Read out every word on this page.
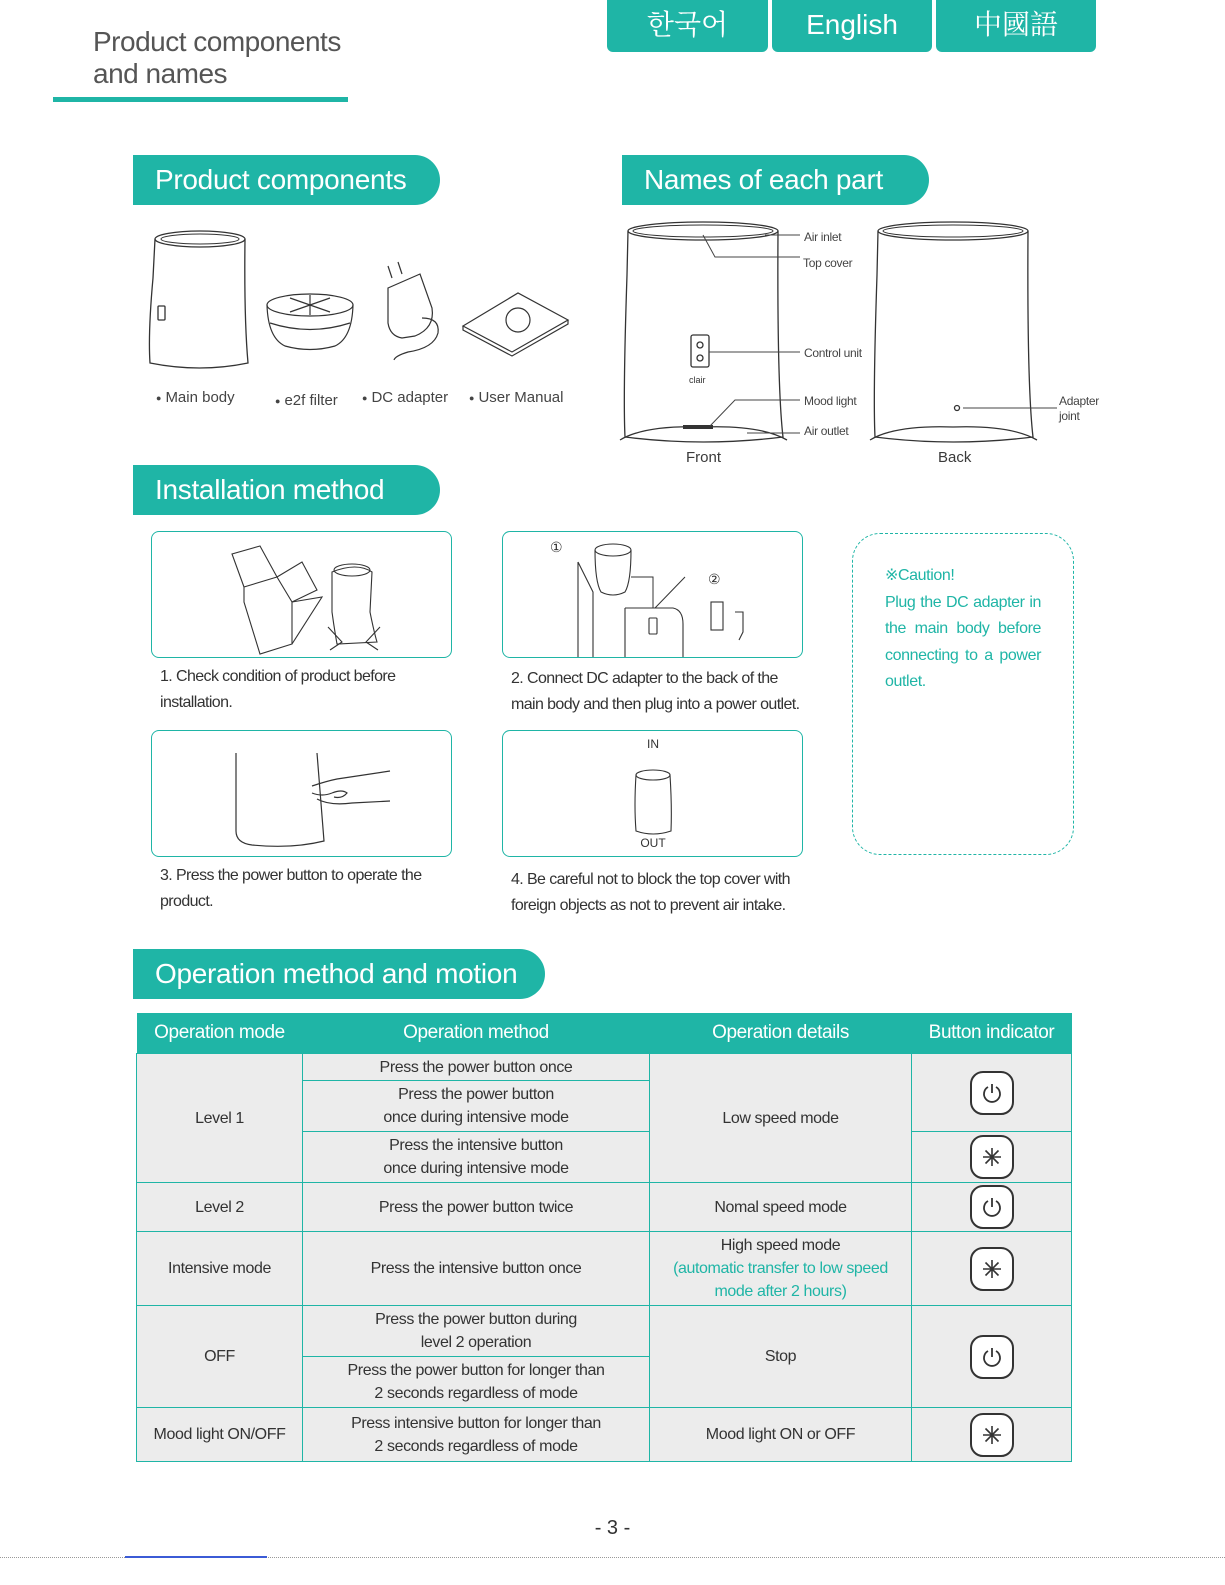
Product components
and names
한국어	English	中國語
Product components
● Main body	● e2f filter	● DC adapter ● User Manual
Names of each part
clair
Air inlet
Top cover
Control unit
Mood light
Air outlet
Adapter
joint
Front	Back
Installation method
1. Check condition of product before
installation.
①
②
2. Connect DC adapter to the back of the
main body and then plug into a power outlet.
※Caution!
Plug the DC adapter in the main body before connecting to a power outlet.
3. Press the power button to operate the
product.
IN
OUT
4. Be careful not to block the top cover with
foreign objects as not to prevent air intake.
Operation method and motion
Operation mode	Operation method	Operation details	Button indicator
Level 1	Press the power button once	Low speed mode	

	Press the power button
once during intensive mode		

	Press the intensive button
once during intensive mode

Level 2	Press the power button twice	Nomal speed mode	

Intensive mode	Press the intensive button once	High speed mode
(automatic transfer to low speed
mode after 2 hours)

OFF	Press the power button during
level 2 operation	Stop	

	Press the power button for longer than
2 seconds regardless of mode		

Mood light ON/OFF	Press intensive button for longer than
2 seconds regardless of mode	Mood light ON or OFF	
- 3 -
